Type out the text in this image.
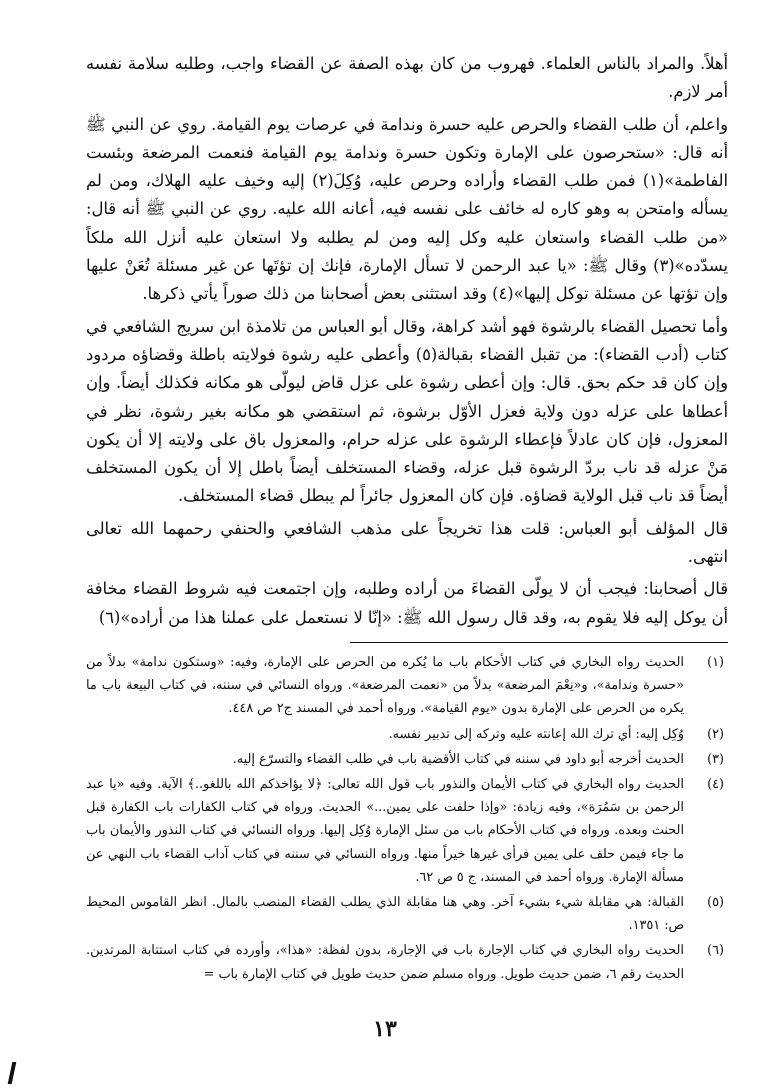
أهلاً. والمراد بالناس العلماء. فهروب من كان بهذه الصفة عن القضاء واجب، وطلبه سلامة نفسه أمر لازم.

واعلم، أن طلب القضاء والحرص عليه حسرة وندامة في عرصات يوم القيامة. روي عن النبي ﷺ أنه قال: «ستحرصون على الإمارة وتكون حسرة وندامة يوم القيامة فنعمت المرضعة وبئست الفاطمة»(١) فمن طلب القضاء وأراده وحرص عليه، وُكِلَ(٢) إليه وخيف عليه الهلاك، ومن لم يسأله وامتحن به وهو كاره له خائف على نفسه فيه، أعانه الله عليه. روي عن النبي ﷺ أنه قال: «من طلب القضاء واستعان عليه وكل إليه ومن لم يطلبه ولا استعان عليه أنزل الله ملكاً يسدّده»(٣) وقال ﷺ: «يا عبد الرحمن لا تسأل الإمارة، فإنك إن تؤتَها عن غير مسئلة تُعَنْ عليها وإن تؤتها عن مسئلة توكل إليها»(٤) وقد استثنى بعض أصحابنا من ذلك صوراً يأتي ذكرها.

وأما تحصيل القضاء بالرشوة فهو أشد كراهة، وقال أبو العباس من تلامذة ابن سريج الشافعي في كتاب (أدب القضاء): من تقبل القضاء بقبالة(٥) وأعطى عليه رشوة فولايته باطلة وقضاؤه مردود وإن كان قد حكم بحق. قال: وإن أعطى رشوة على عزل قاض ليولّى هو مكانه فكذلك أيضاً. وإن أعطاها على عزله دون ولاية فعزل الأوّل برشوة، ثم استقضي هو مكانه بغير رشوة، نظر في المعزول، فإن كان عادلاً فإعطاء الرشوة على عزله حرام، والمعزول باق على ولايته إلا أن يكون مَنْ عزله قد ناب بردّ الرشوة قبل عزله، وقضاء المستخلف أيضاً باطل إلا أن يكون المستخلف أيضاً قد ناب قبل الولاية قضاؤه. فإن كان المعزول جائراً لم يبطل قضاء المستخلف.

قال المؤلف أبو العباس: قلت هذا تخريجاً على مذهب الشافعي والحنفي رحمهما الله تعالى انتهى.

قال أصحابنا: فيجب أن لا يولّى القضاءَ من أراده وطلبه، وإن اجتمعت فيه شروط القضاء مخافة أن يوكل إليه فلا يقوم به، وقد قال رسول الله ﷺ: «إنّا لا نستعمل على عملنا هذا من أراده»(٦)

(١)
الحديث رواه البخاري في كتاب الأحكام باب ما يُكره من الحرص على الإمارة، وفيه: «وستكون ندامة» بدلاً من «حسرة وندامة»، و«نِعْمَ المرضعة» بدلاً من «نعمت المرضعة». ورواه النسائي في سننه، في كتاب البيعة باب ما يكره من الحرص على الإمارة بدون «يوم القيامة». ورواه أحمد في المسند ج٢ ص ٤٤٨.
(٢)
وُكِل إليه: أي ترك الله إعانته عليه وتركه إلى تدبير نفسه.
(٣)
الحديث أخرجه أبو داود في سننه في كتاب الأقضية باب في طلب القضاء والتسرّع إليه.
(٤)
الحديث رواه البخاري في كتاب الأيمان والنذور باب قول الله تعالى: ﴿لا يؤاخذكم الله باللغو..﴾ الآية. وفيه «يا عبد الرحمن بن سَمُرَة»، وفيه زيادة: «وإذا حلفت على يمين...» الحديث. ورواه في كتاب الكفارات باب الكفارة قبل الحنث وبعده. ورواه في كتاب الأحكام باب من سئل الإمارة وُكِل إليها. ورواه النسائي في كتاب النذور والأيمان باب ما جاء فيمن حلف على يمين فرأى غيرها خيراً منها. ورواه النسائي في سننه في كتاب آداب القضاء باب النهي عن مسألة الإمارة. ورواه أحمد في المسند، ج ٥ ص ٦٢.
(٥)
القبالة: هي مقابلة شيء بشيء آخر. وهي هنا مقابلة الذي يطلب القضاء المنصب بالمال. انظر القاموس المحيط ص: ١٣٥١.
(٦)
الحديث رواه البخاري في كتاب الإجارة باب في الإجارة، بدون لفظة: «هذا»، وأورده في كتاب استتابة المرتدين. الحديث رقم ٦، ضمن حديث طويل. ورواه مسلم ضمن حديث طويل في كتاب الإمارة باب =
١٣
